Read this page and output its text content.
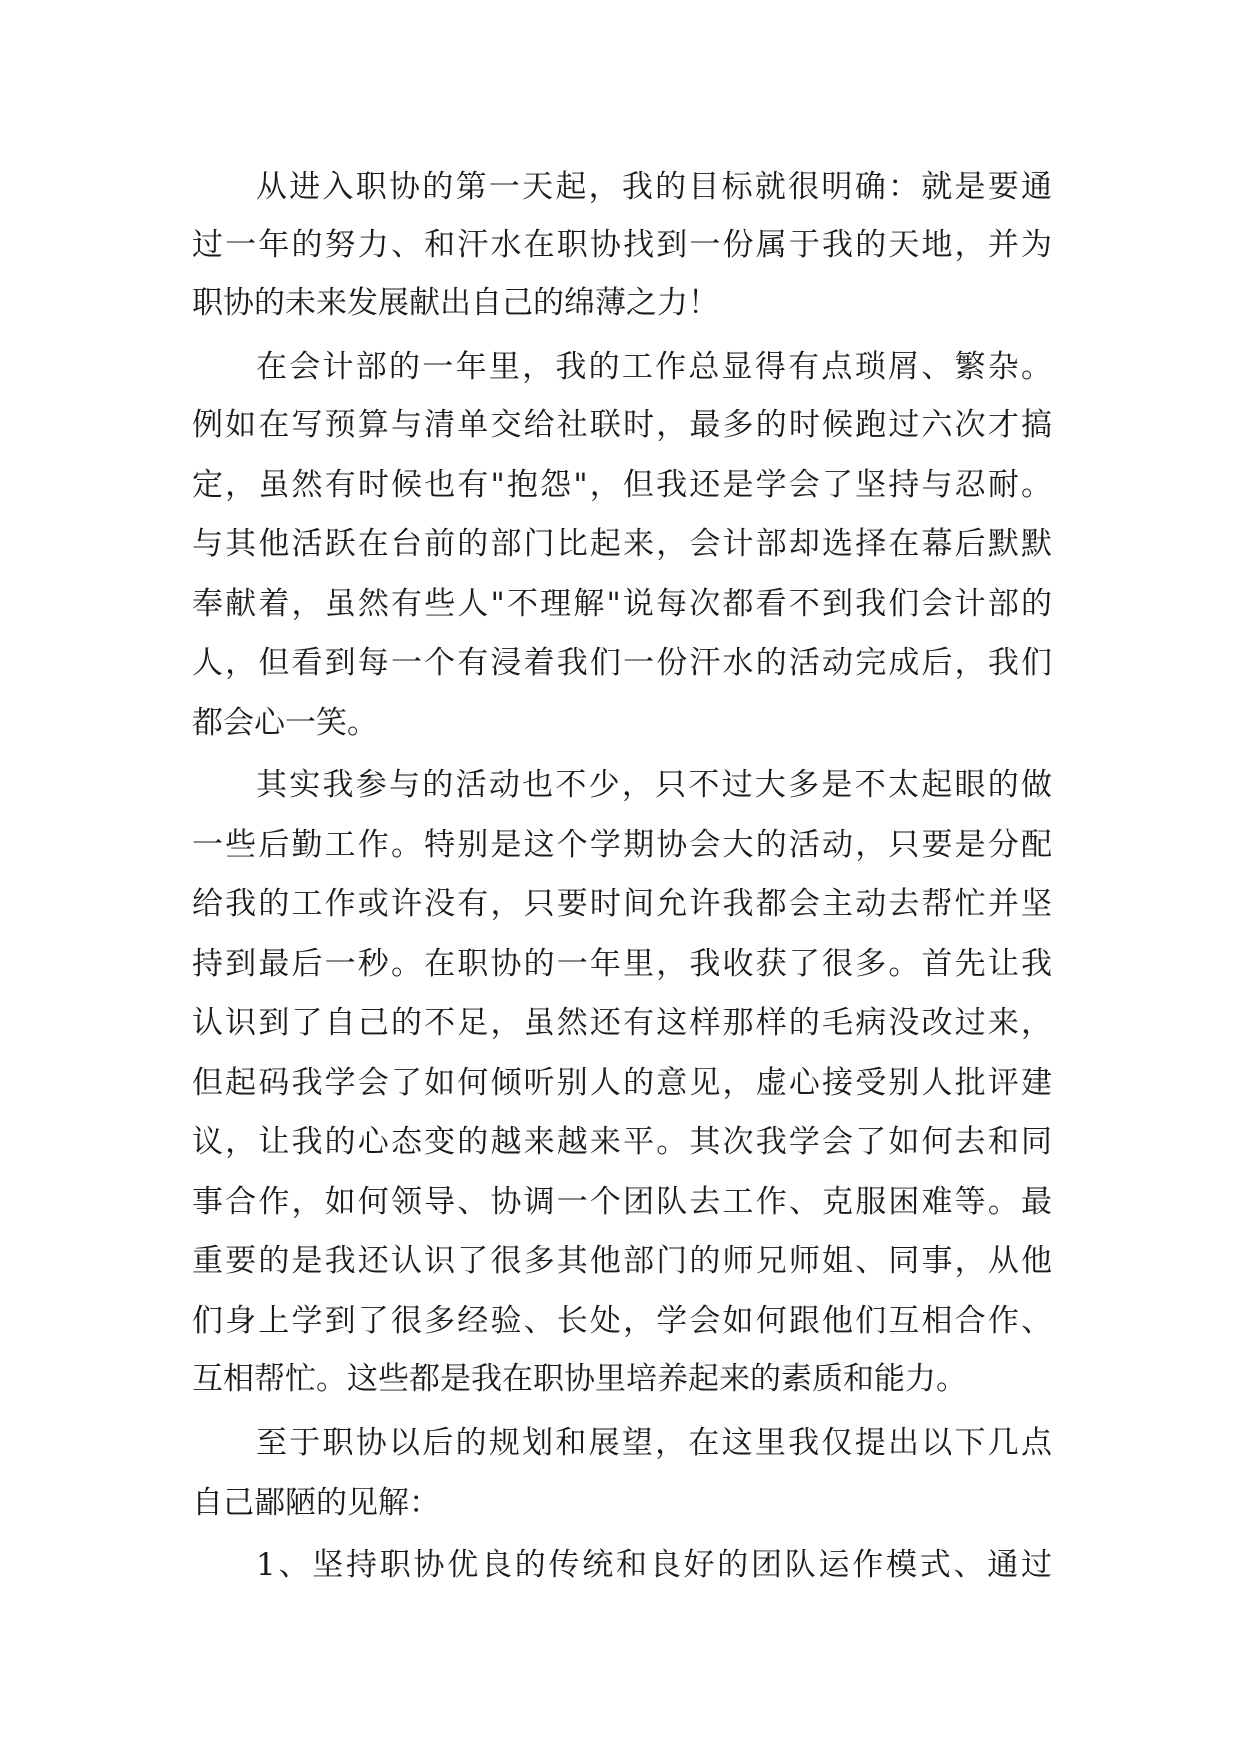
从进入职协的第一天起，我的目标就很明确：就是要通
过一年的努力、和汗水在职协找到一份属于我的天地，并为
职协的未来发展献出自己的绵薄之力！
在会计部的一年里，我的工作总显得有点琐屑、繁杂。
例如在写预算与清单交给社联时，最多的时候跑过六次才搞
定，虽然有时候也有"抱怨"，但我还是学会了坚持与忍耐。
与其他活跃在台前的部门比起来，会计部却选择在幕后默默
奉献着，虽然有些人"不理解"说每次都看不到我们会计部的
人，但看到每一个有浸着我们一份汗水的活动完成后，我们
都会心一笑。
其实我参与的活动也不少，只不过大多是不太起眼的做
一些后勤工作。特别是这个学期协会大的活动，只要是分配
给我的工作或许没有，只要时间允许我都会主动去帮忙并坚
持到最后一秒。在职协的一年里，我收获了很多。首先让我
认识到了自己的不足，虽然还有这样那样的毛病没改过来，
但起码我学会了如何倾听别人的意见，虚心接受别人批评建
议，让我的心态变的越来越来平。其次我学会了如何去和同
事合作，如何领导、协调一个团队去工作、克服困难等。最
重要的是我还认识了很多其他部门的师兄师姐、同事，从他
们身上学到了很多经验、长处，学会如何跟他们互相合作、
互相帮忙。这些都是我在职协里培养起来的素质和能力。
至于职协以后的规划和展望，在这里我仅提出以下几点
自己鄙陋的见解：
1、坚持职协优良的传统和良好的团队运作模式、通过
